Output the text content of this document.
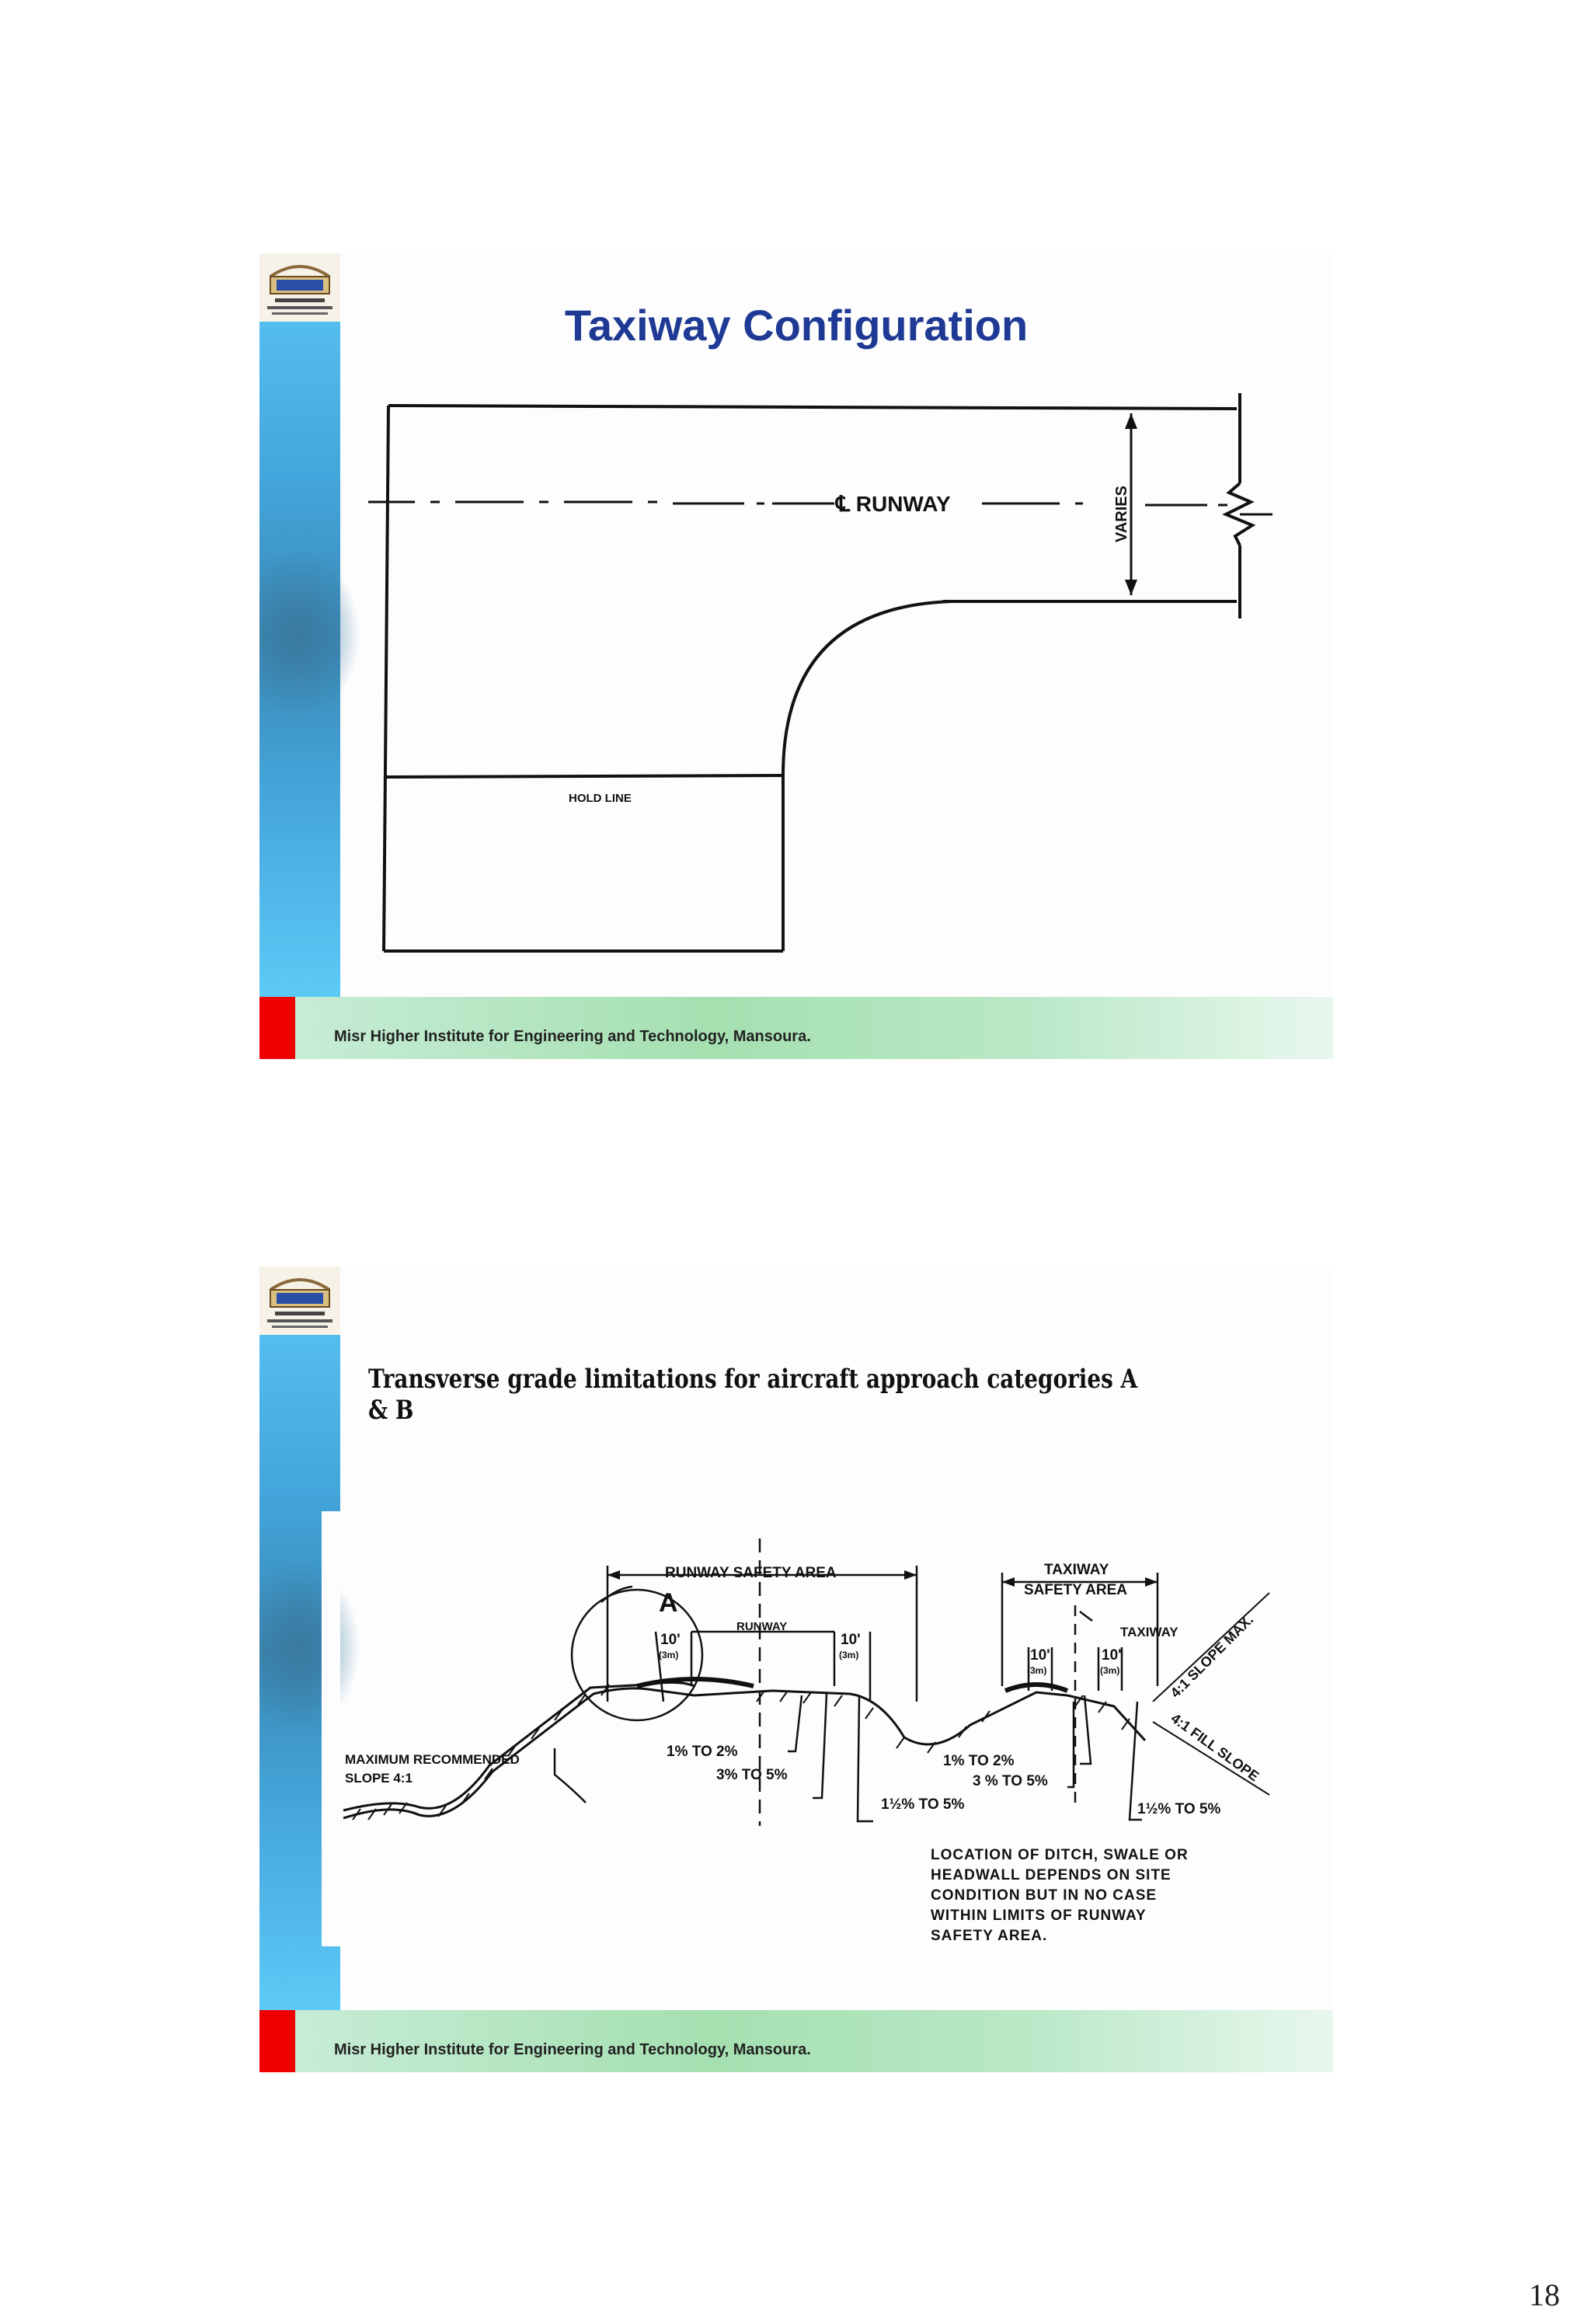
Taxiway Configuration
℄ RUNWAY	VARIES
HOLD LINE
Misr Higher Institute for Engineering and Technology, Mansoura.
Transverse grade limitations for aircraft approach categories A & B
RUNWAY SAFETY AREA	TAXIWAY
SAFETY AREA
A
RUNWAY	TAXIWAY
10'
(3m)
10'
(3m)	10'
(3m)
10'
(3m)	4:1 SLOPE MAX.
4:1 FILL SLOPE
MAXIMUM RECOMMENDED
SLOPE 4:1
1% TO 2%
3% TO 5%
1½% TO 5%
1% TO 2%
3 % TO 5%
1½% TO 5%
LOCATION OF DITCH, SWALE OR
HEADWALL DEPENDS ON SITE
CONDITION BUT IN NO CASE
WITHIN LIMITS OF RUNWAY
SAFETY AREA.
Misr Higher Institute for Engineering and Technology, Mansoura.
18
